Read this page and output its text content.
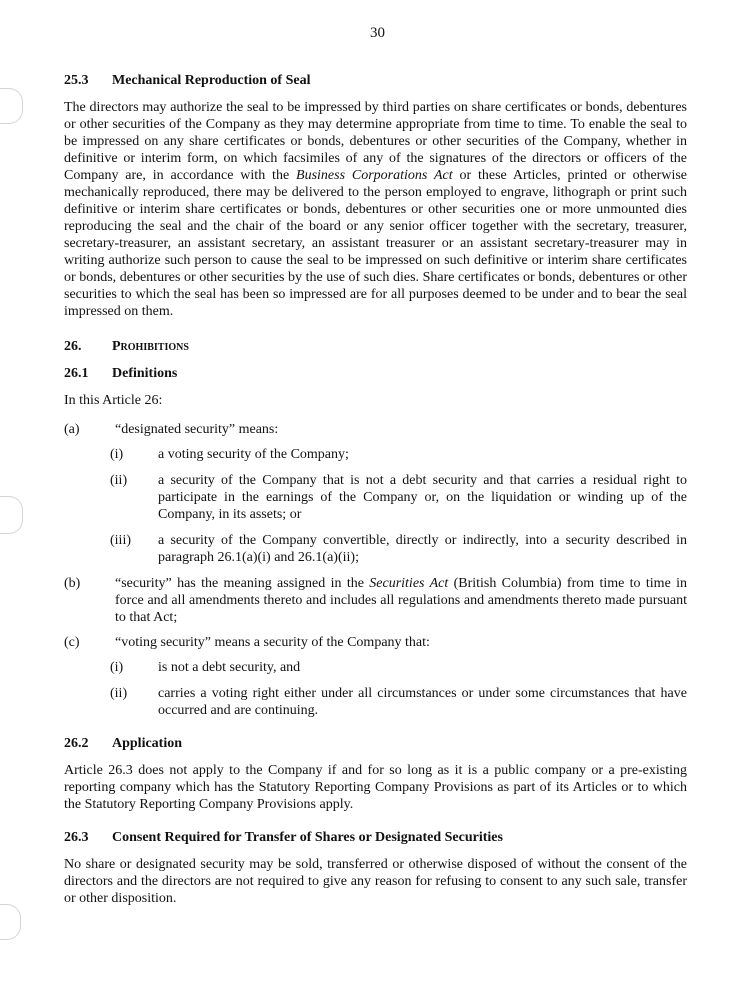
30
25.3 Mechanical Reproduction of Seal

The directors may authorize the seal to be impressed by third parties on share certificates or bonds, debentures or other securities of the Company as they may determine appropriate from time to time. To enable the seal to be impressed on any share certificates or bonds, debentures or other securities of the Company, whether in definitive or interim form, on which facsimiles of any of the signatures of the directors or officers of the Company are, in accordance with the Business Corporations Act or these Articles, printed or otherwise mechanically reproduced, there may be delivered to the person employed to engrave, lithograph or print such definitive or interim share certificates or bonds, debentures or other securities one or more unmounted dies reproducing the seal and the chair of the board or any senior officer together with the secretary, treasurer, secretary-treasurer, an assistant secretary, an assistant treasurer or an assistant secretary-treasurer may in writing authorize such person to cause the seal to be impressed on such definitive or interim share certificates or bonds, debentures or other securities by the use of such dies. Share certificates or bonds, debentures or other securities to which the seal has been so impressed are for all purposes deemed to be under and to bear the seal impressed on them.

26. Prohibitions
26.1 Definitions

In this Article 26:

(a)	“designated security” means:
(i)	a voting security of the Company;
(ii)	a security of the Company that is not a debt security and that carries a residual right to participate in the earnings of the Company or, on the liquidation or winding up of the Company, in its assets; or
(iii)	a security of the Company convertible, directly or indirectly, into a security described in paragraph 26.1(a)(i) and 26.1(a)(ii);
(b)	“security” has the meaning assigned in the Securities Act (British Columbia) from time to time in force and all amendments thereto and includes all regulations and amendments thereto made pursuant to that Act;
(c)	“voting security” means a security of the Company that:
(i)	is not a debt security, and
(ii)	carries a voting right either under all circumstances or under some circumstances that have occurred and are continuing.
26.2 Application

Article 26.3 does not apply to the Company if and for so long as it is a public company or a pre-existing reporting company which has the Statutory Reporting Company Provisions as part of its Articles or to which the Statutory Reporting Company Provisions apply.

26.3 Consent Required for Transfer of Shares or Designated Securities

No share or designated security may be sold, transferred or otherwise disposed of without the consent of the directors and the directors are not required to give any reason for refusing to consent to any such sale, transfer or other disposition.
